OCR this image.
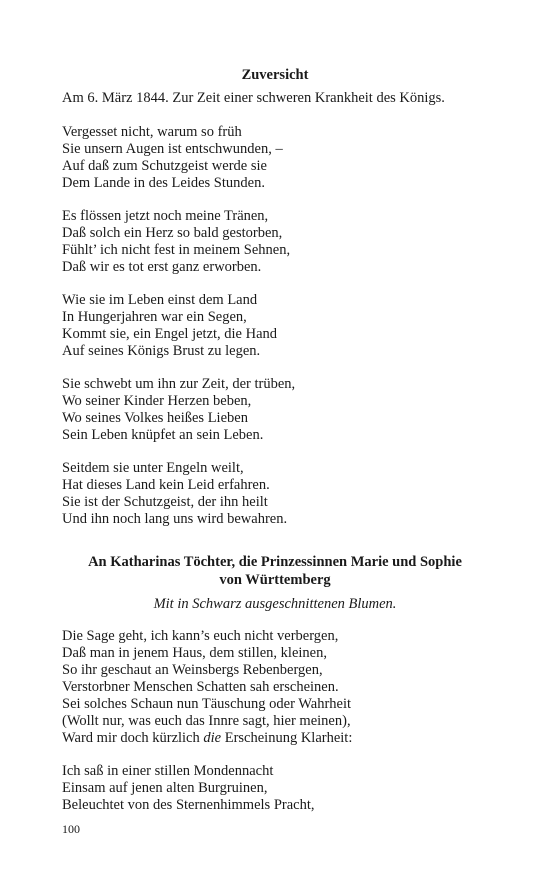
Zuversicht
Am 6. März 1844. Zur Zeit einer schweren Krankheit des Königs.
Vergesset nicht, warum so früh
Sie unsern Augen ist entschwunden, –
Auf daß zum Schutzgeist werde sie
Dem Lande in des Leides Stunden.
Es flössen jetzt noch meine Tränen,
Daß solch ein Herz so bald gestorben,
Fühlt’ ich nicht fest in meinem Sehnen,
Daß wir es tot erst ganz erworben.
Wie sie im Leben einst dem Land
In Hungerjahren war ein Segen,
Kommt sie, ein Engel jetzt, die Hand
Auf seines Königs Brust zu legen.
Sie schwebt um ihn zur Zeit, der trüben,
Wo seiner Kinder Herzen beben,
Wo seines Volkes heißes Lieben
Sein Leben knüpfet an sein Leben.
Seitdem sie unter Engeln weilt,
Hat dieses Land kein Leid erfahren.
Sie ist der Schutzgeist, der ihn heilt
Und ihn noch lang uns wird bewahren.
An Katharinas Töchter, die Prinzessinnen Marie und Sophie
von Württemberg
Mit in Schwarz ausgeschnittenen Blumen.
Die Sage geht, ich kann’s euch nicht verbergen,
Daß man in jenem Haus, dem stillen, kleinen,
So ihr geschaut an Weinsbergs Rebenbergen,
Verstorbner Menschen Schatten sah erscheinen.
Sei solches Schaun nun Täuschung oder Wahrheit
(Wollt nur, was euch das Innre sagt, hier meinen),
Ward mir doch kürzlich die Erscheinung Klarheit:
Ich saß in einer stillen Mondennacht
Einsam auf jenen alten Burgruinen,
Beleuchtet von des Sternenhimmels Pracht,
100
